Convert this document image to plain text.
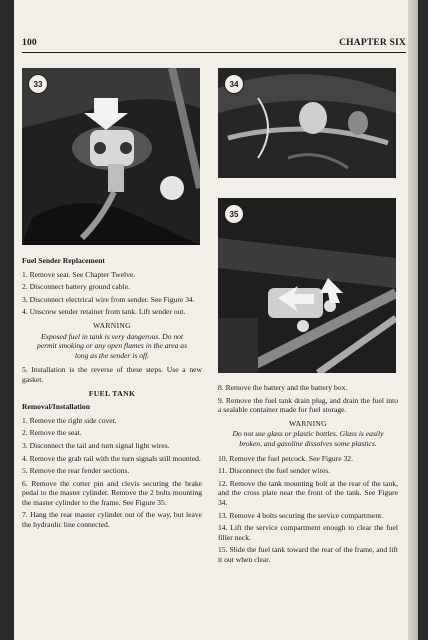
100	CHAPTER SIX
33	34
35

Fuel Sender Replacement

1. Remove seat. See Chapter Twelve.

2. Disconnect battery ground cable.

3. Disconnect electrical wire from sender. See Figure 34.

4. Unscrew sender retainer from tank. Lift sender out.

WARNING

Exposed fuel in tank is very dangerous. Do not permit smoking or any open flames in the area as long as the sender is off.

5. Installation is the reverse of these steps. Use a new gasket.

FUEL TANK

Removal/Installation

1. Remove the right side cover.

2. Remove the seat.

3. Disconnect the tail and turn signal light wires.

4. Remove the grab rail with the turn signals still mounted.

5. Remove the rear fender sections.

6. Remove the cotter pin and clevis securing the brake pedal to the master cylinder. Remove the 2 bolts mounting the master cylinder to the frame. See Figure 35.

7. Hang the rear master cylinder out of the way, but leave the hydraulic line connected.

8. Remove the battery and the battery box.

9. Remove the fuel tank drain plug, and drain the fuel into a sealable container made for fuel storage.

WARNING

Do not use glass or plastic bottles. Glass is easily broken, and gasoline dissolves some plastics.

10. Remove the fuel petcock. See Figure 32.

11. Disconnect the fuel sender wires.

12. Remove the tank mounting bolt at the rear of the tank, and the cross plate near the front of the tank. See Figure 34.

13. Remove 4 bolts securing the service compartment.

14. Lift the service compartment enough to clear the fuel filler neck.

15. Slide the fuel tank toward the rear of the frame, and lift it out when clear.
